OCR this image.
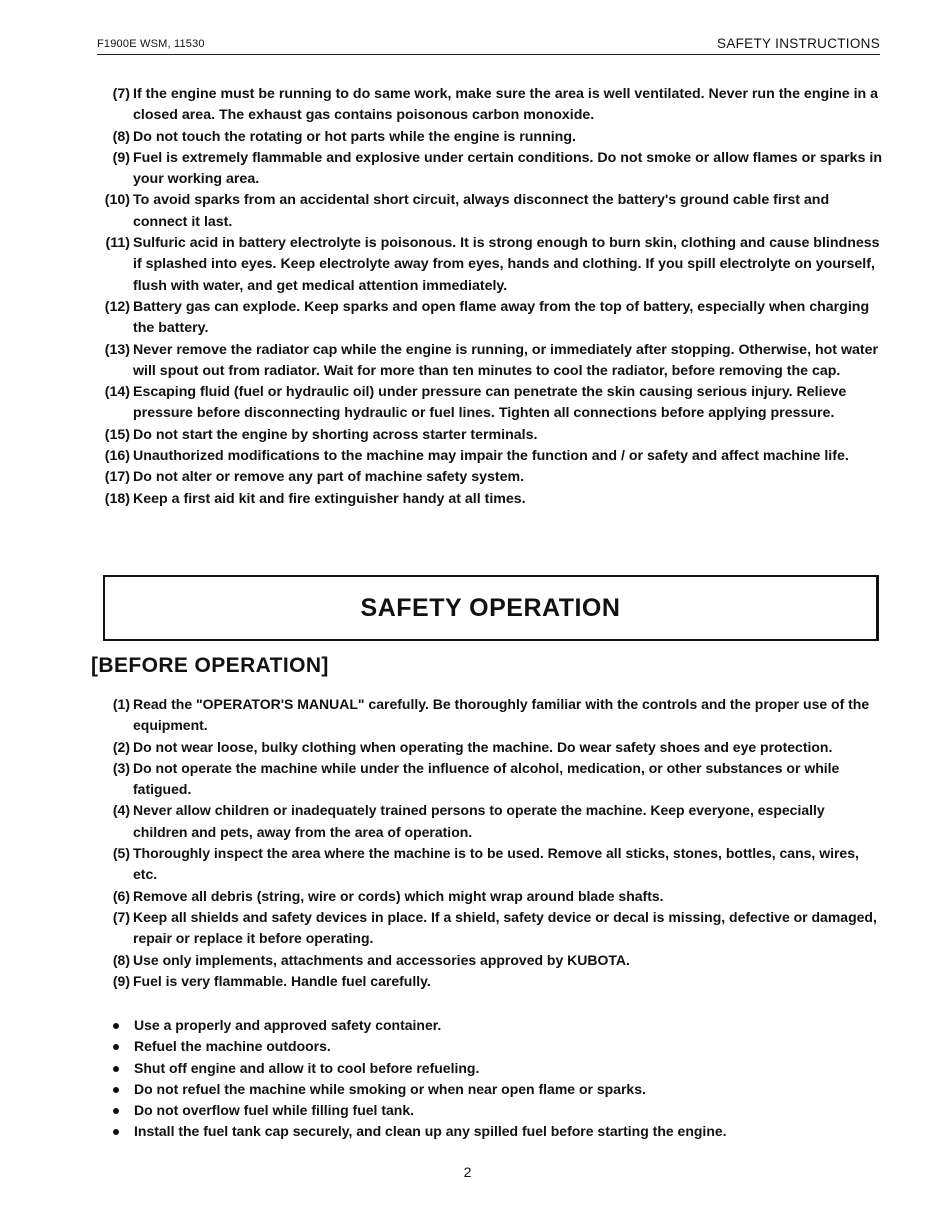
F1900E WSM, 11530	SAFETY INSTRUCTIONS
(7) If the engine must be running to do same work, make sure the area is well ventilated. Never run the engine in a closed area. The exhaust gas contains poisonous carbon monoxide.
(8) Do not touch the rotating or hot parts while the engine is running.
(9) Fuel is extremely flammable and explosive under certain conditions. Do not smoke or allow flames or sparks in your working area.
(10) To avoid sparks from an accidental short circuit, always disconnect the battery's ground cable first and connect it last.
(11) Sulfuric acid in battery electrolyte is poisonous. It is strong enough to burn skin, clothing and cause blindness if splashed into eyes. Keep electrolyte away from eyes, hands and clothing. If you spill electrolyte on yourself, flush with water, and get medical attention immediately.
(12) Battery gas can explode. Keep sparks and open flame away from the top of battery, especially when charging the battery.
(13) Never remove the radiator cap while the engine is running, or immediately after stopping. Otherwise, hot water will spout out from radiator. Wait for more than ten minutes to cool the radiator, before removing the cap.
(14) Escaping fluid (fuel or hydraulic oil) under pressure can penetrate the skin causing serious injury. Relieve pressure before disconnecting hydraulic or fuel lines. Tighten all connections before applying pressure.
(15) Do not start the engine by shorting across starter terminals.
(16) Unauthorized modifications to the machine may impair the function and / or safety and affect machine life.
(17) Do not alter or remove any part of machine safety system.
(18) Keep a first aid kit and fire extinguisher handy at all times.
SAFETY OPERATION
[BEFORE OPERATION]
(1) Read the "OPERATOR'S MANUAL" carefully. Be thoroughly familiar with the controls and the proper use of the equipment.
(2) Do not wear loose, bulky clothing when operating the machine. Do wear safety shoes and eye protection.
(3) Do not operate the machine while under the influence of alcohol, medication, or other substances or while fatigued.
(4) Never allow children or inadequately trained persons to operate the machine. Keep everyone, especially children and pets, away from the area of operation.
(5) Thoroughly inspect the area where the machine is to be used. Remove all sticks, stones, bottles, cans, wires, etc.
(6) Remove all debris (string, wire or cords) which might wrap around blade shafts.
(7) Keep all shields and safety devices in place. If a shield, safety device or decal is missing, defective or damaged, repair or replace it before operating.
(8) Use only implements, attachments and accessories approved by KUBOTA.
(9) Fuel is very flammable. Handle fuel carefully.
Use a properly and approved safety container.
Refuel the machine outdoors.
Shut off engine and allow it to cool before refueling.
Do not refuel the machine while smoking or when near open flame or sparks.
Do not overflow fuel while filling fuel tank.
Install the fuel tank cap securely, and clean up any spilled fuel before starting the engine.
2
